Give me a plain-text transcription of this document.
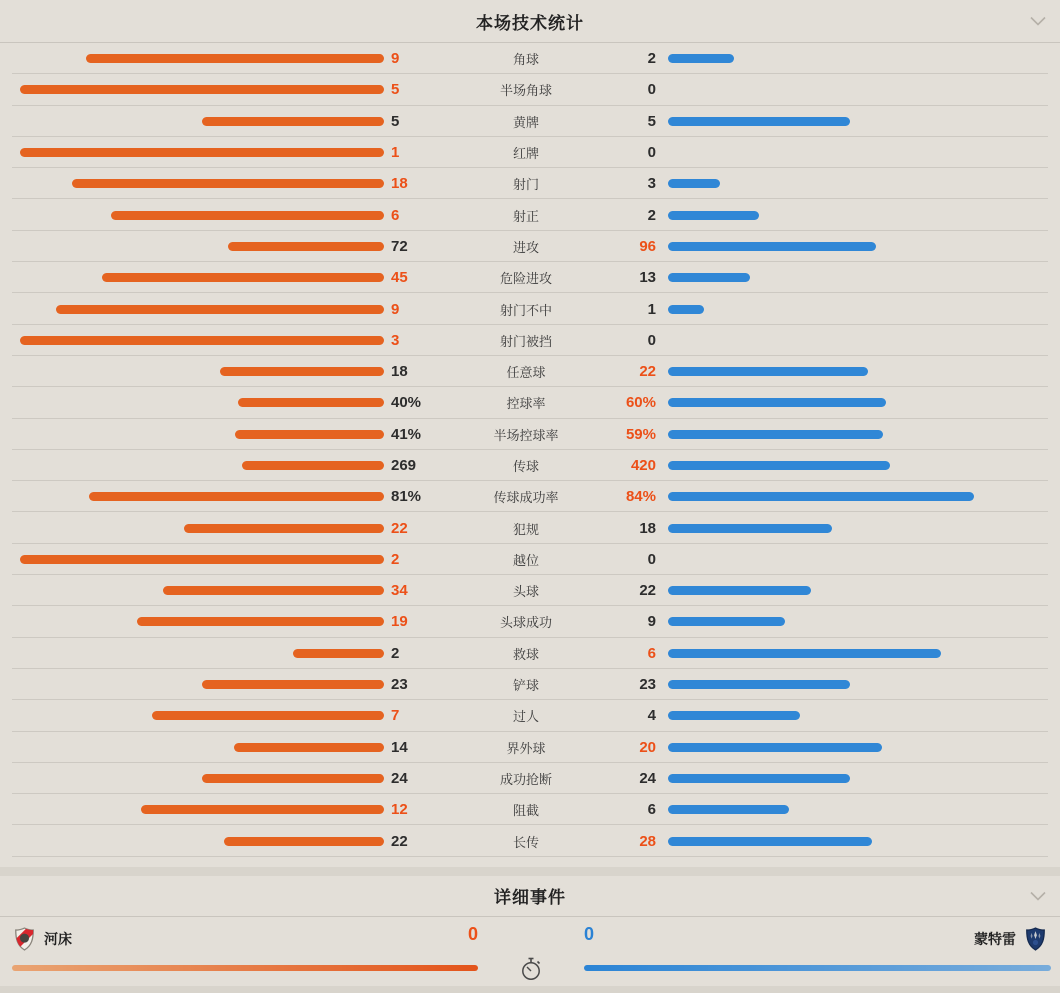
本场技术统计
9	角球	2
5	半场角球	0
5	黄牌	5
1	红牌	0
18	射门	3
6	射正	2
72	进攻	96
45	危险进攻	13
9	射门不中	1
3	射门被挡	0
18	任意球	22
40%	控球率	60%
41%	半场控球率	59%
269	传球	420
81%	传球成功率	84%
22	犯规	18
2	越位	0
34	头球	22
19	头球成功	9
2	救球	6
23	铲球	23
7	过人	4
14	界外球	20
24	成功抢断	24
12	阻截	6
22	长传	28
详细事件
河床	0	0	蒙特雷
